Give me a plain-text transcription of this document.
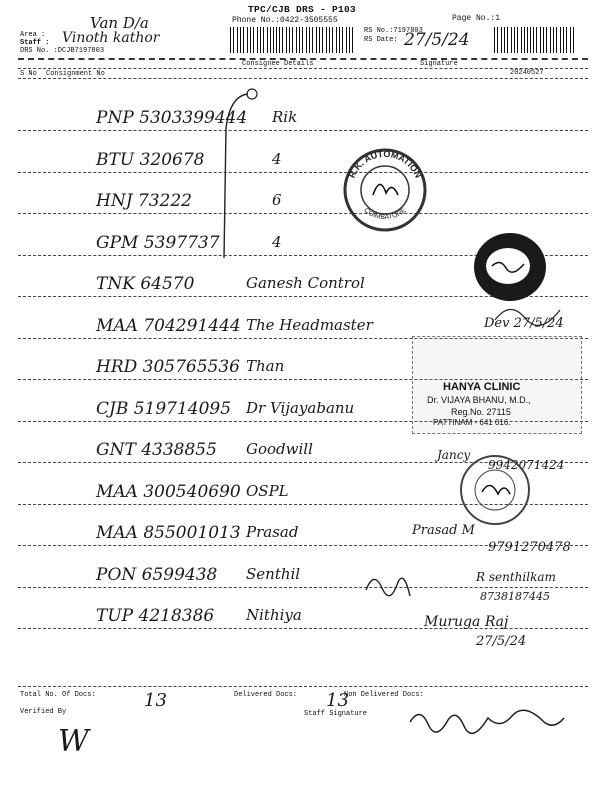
TPC/CJB DRS - P103
Phone No.:0422-3505555	Page No.:1
Area :
Staff :
DRS No. :DCJB7197803
Van D/a
Vinoth kathor	RS No.:7197803
RS Date: 27/5/24
Consignee Details	Signature
S No Consignment No	20240527
PNP 5303399444 Rik
BTU 320678	4
HNJ 73222	6
GPM 5397737	4
TNK 64570	Ganesh Control
MAA 704291444 The Headmaster
HRD 305765536 Than
CJB 519714095 Dr Vijayabanu
GNT 4338855 Goodwill
MAA 300540690 OSPL
MAA 855001013 Prasad
PON 6599438 Senthil
TUP 4218386 Nithiya
Dev 27/5/24
Jancy
9942071424
Prasad M
9791270478
R senthilkam
8738187445
Muruga Raj
27/5/24
R.K. AUTOMATION
COIMBATORE
HANYA CLINIC
Dr. VIJAYA BHANU, M.D.,
Reg.No. 27115
PATTINAM - 641 016.
Total No. Of Docs:	13	Delivered Docs: 13
Non Delivered Docs:
Verified By	Staff Signature
W
